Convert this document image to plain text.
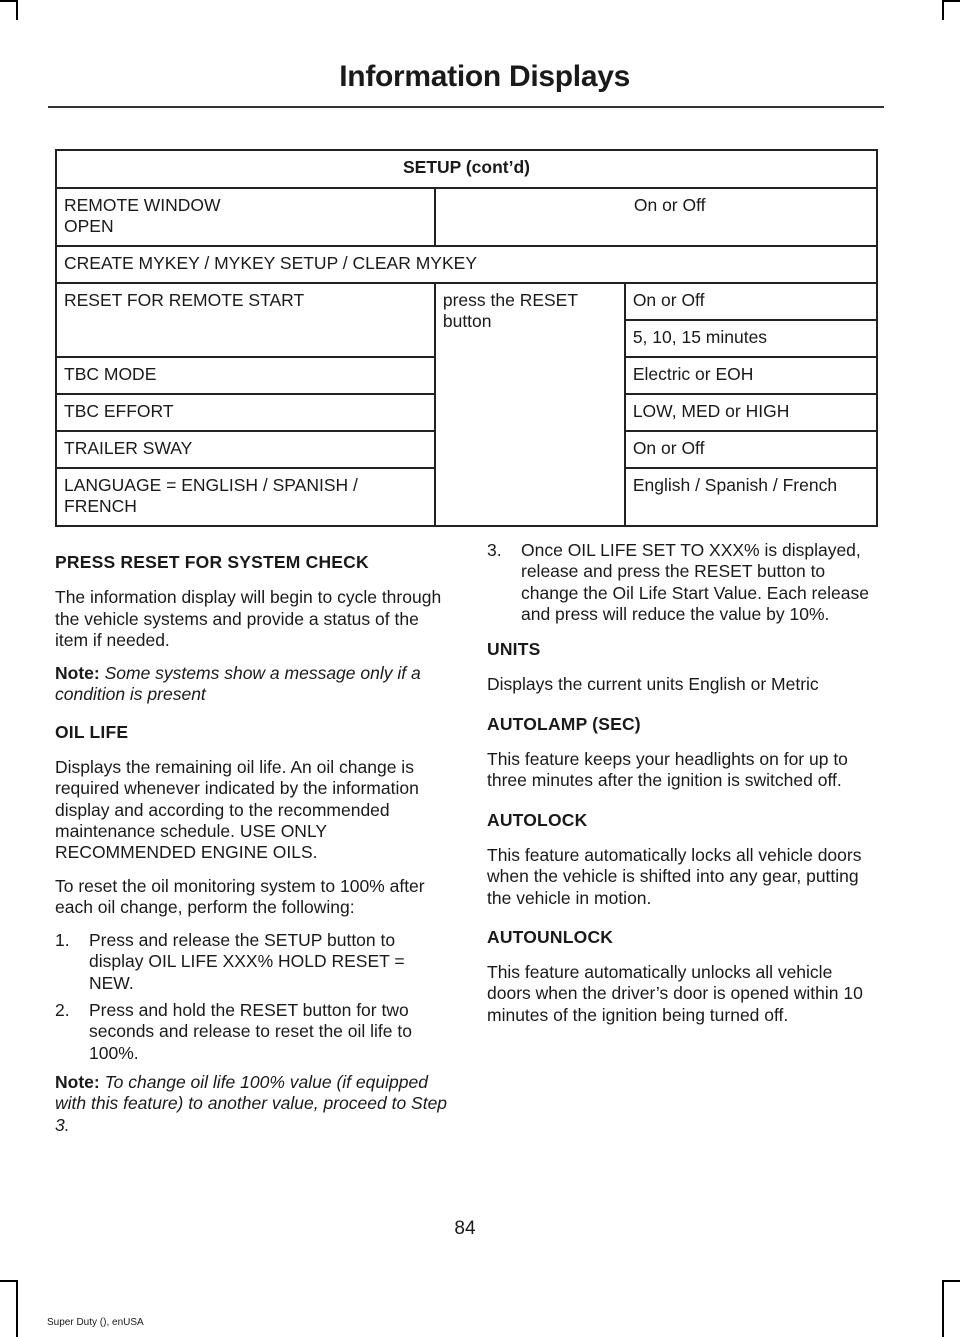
Information Displays
SETUP (cont’d)		

REMOTE WINDOW OPEN	On or Off	
CREATE MYKEY / MYKEY SETUP / CLEAR MYKEY		
RESET FOR REMOTE START	press the RESET button	On or Off
		5, 10, 15 minutes
TBC MODE		Electric or EOH
TBC EFFORT		LOW, MED or HIGH
TRAILER SWAY		On or Off

LANGUAGE = ENGLISH / SPANISH / FRENCH		English / Spanish / French
PRESS RESET FOR SYSTEM CHECK

The information display will begin to cycle through the vehicle systems and provide a status of the item if needed.

Note: Some systems show a message only if a condition is present

OIL LIFE

Displays the remaining oil life. An oil change is required whenever indicated by the information display and according to the recommended maintenance schedule. USE ONLY RECOMMENDED ENGINE OILS.

To reset the oil monitoring system to 100% after each oil change, perform the following:

1. Press and release the SETUP button to display OIL LIFE XXX% HOLD RESET = NEW.
2. Press and hold the RESET button for two seconds and release to reset the oil life to 100%.

Note: To change oil life 100% value (if equipped with this feature) to another value, proceed to Step 3.

3. Once OIL LIFE SET TO XXX% is displayed, release and press the RESET button to change the Oil Life Start Value. Each release and press will reduce the value by 10%.
UNITS

Displays the current units English or Metric

AUTOLAMP (SEC)

This feature keeps your headlights on for up to three minutes after the ignition is switched off.

AUTOLOCK

This feature automatically locks all vehicle doors when the vehicle is shifted into any gear, putting the vehicle in motion.

AUTOUNLOCK

This feature automatically unlocks all vehicle doors when the driver’s door is opened within 10 minutes of the ignition being turned off.

84
Super Duty (), enUSA
